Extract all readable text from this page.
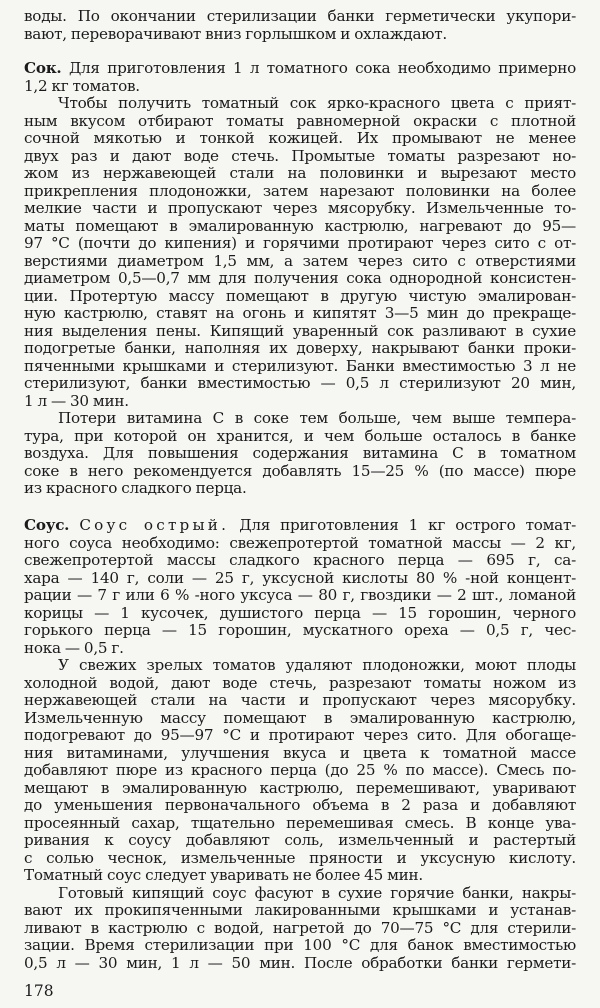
воды. По окончании стерилизации банки герметически укупори-
вают, переворачивают вниз горлышком и охлаждают.
Сок. Для приготовления 1 л томатного сока необходимо примерно
1,2 кг томатов.
Чтобы получить томатный сок ярко-красного цвета с прият-
ным вкусом отбирают томаты равномерной окраски с плотной
сочной мякотью и тонкой кожицей. Их промывают не менее
двух раз и дают воде стечь. Промытые томаты разрезают но-
жом из нержавеющей стали на половинки и вырезают место
прикрепления плодоножки, затем нарезают половинки на более
мелкие части и пропускают через мясорубку. Измельченные то-
маты помещают в эмалированную кастрюлю, нагревают до 95—
97 °C (почти до кипения) и горячими протирают через сито с от-
верстиями диаметром 1,5 мм, а затем через сито с отверстиями
диаметром 0,5—0,7 мм для получения сока однородной консистен-
ции. Протертую массу помещают в другую чистую эмалирован-
ную кастрюлю, ставят на огонь и кипятят 3—5 мин до прекраще-
ния выделения пены. Кипящий уваренный сок разливают в сухие
подогретые банки, наполняя их доверху, накрывают банки проки-
пяченными крышками и стерилизуют. Банки вместимостью 3 л не
стерилизуют, банки вместимостью — 0,5 л стерилизуют 20 мин,
1 л — 30 мин.
Потери витамина С в соке тем больше, чем выше темпера-
тура, при которой он хранится, и чем больше осталось в банке
воздуха. Для повышения содержания витамина С в томатном
соке в него рекомендуется добавлять 15—25 % (по массе) пюре
из красного сладкого перца.
Соус. Соус острый. Для приготовления 1 кг острого томат-
ного соуса необходимо: свежепротертой томатной массы — 2 кг,
свежепротертой массы сладкого красного перца — 695 г, са-
хара — 140 г, соли — 25 г, уксусной кислоты 80 % -ной концент-
рации — 7 г или 6 % -ного уксуса — 80 г, гвоздики — 2 шт., ломаной
корицы — 1 кусочек, душистого перца — 15 горошин, черного
горького перца — 15 горошин, мускатного ореха — 0,5 г, чес-
нока — 0,5 г.
У свежих зрелых томатов удаляют плодоножки, моют плоды
холодной водой, дают воде стечь, разрезают томаты ножом из
нержавеющей стали на части и пропускают через мясорубку.
Измельченную массу помещают в эмалированную кастрюлю,
подогревают до 95—97 °C и протирают через сито. Для обогаще-
ния витаминами, улучшения вкуса и цвета к томатной массе
добавляют пюре из красного перца (до 25 % по массе). Смесь по-
мещают в эмалированную кастрюлю, перемешивают, уваривают
до уменьшения первоначального объема в 2 раза и добавляют
просеянный сахар, тщательно перемешивая смесь. В конце ува-
ривания к соусу добавляют соль, измельченный и растертый
с солью чеснок, измельченные пряности и уксусную кислоту.
Томатный соус следует уваривать не более 45 мин.
Готовый кипящий соус фасуют в сухие горячие банки, накры-
вают их прокипяченными лакированными крышками и устанав-
ливают в кастрюлю с водой, нагретой до 70—75 °C для стерили-
зации. Время стерилизации при 100 °C для банок вместимостью
0,5 л — 30 мин, 1 л — 50 мин. После обработки банки гермети-
178
